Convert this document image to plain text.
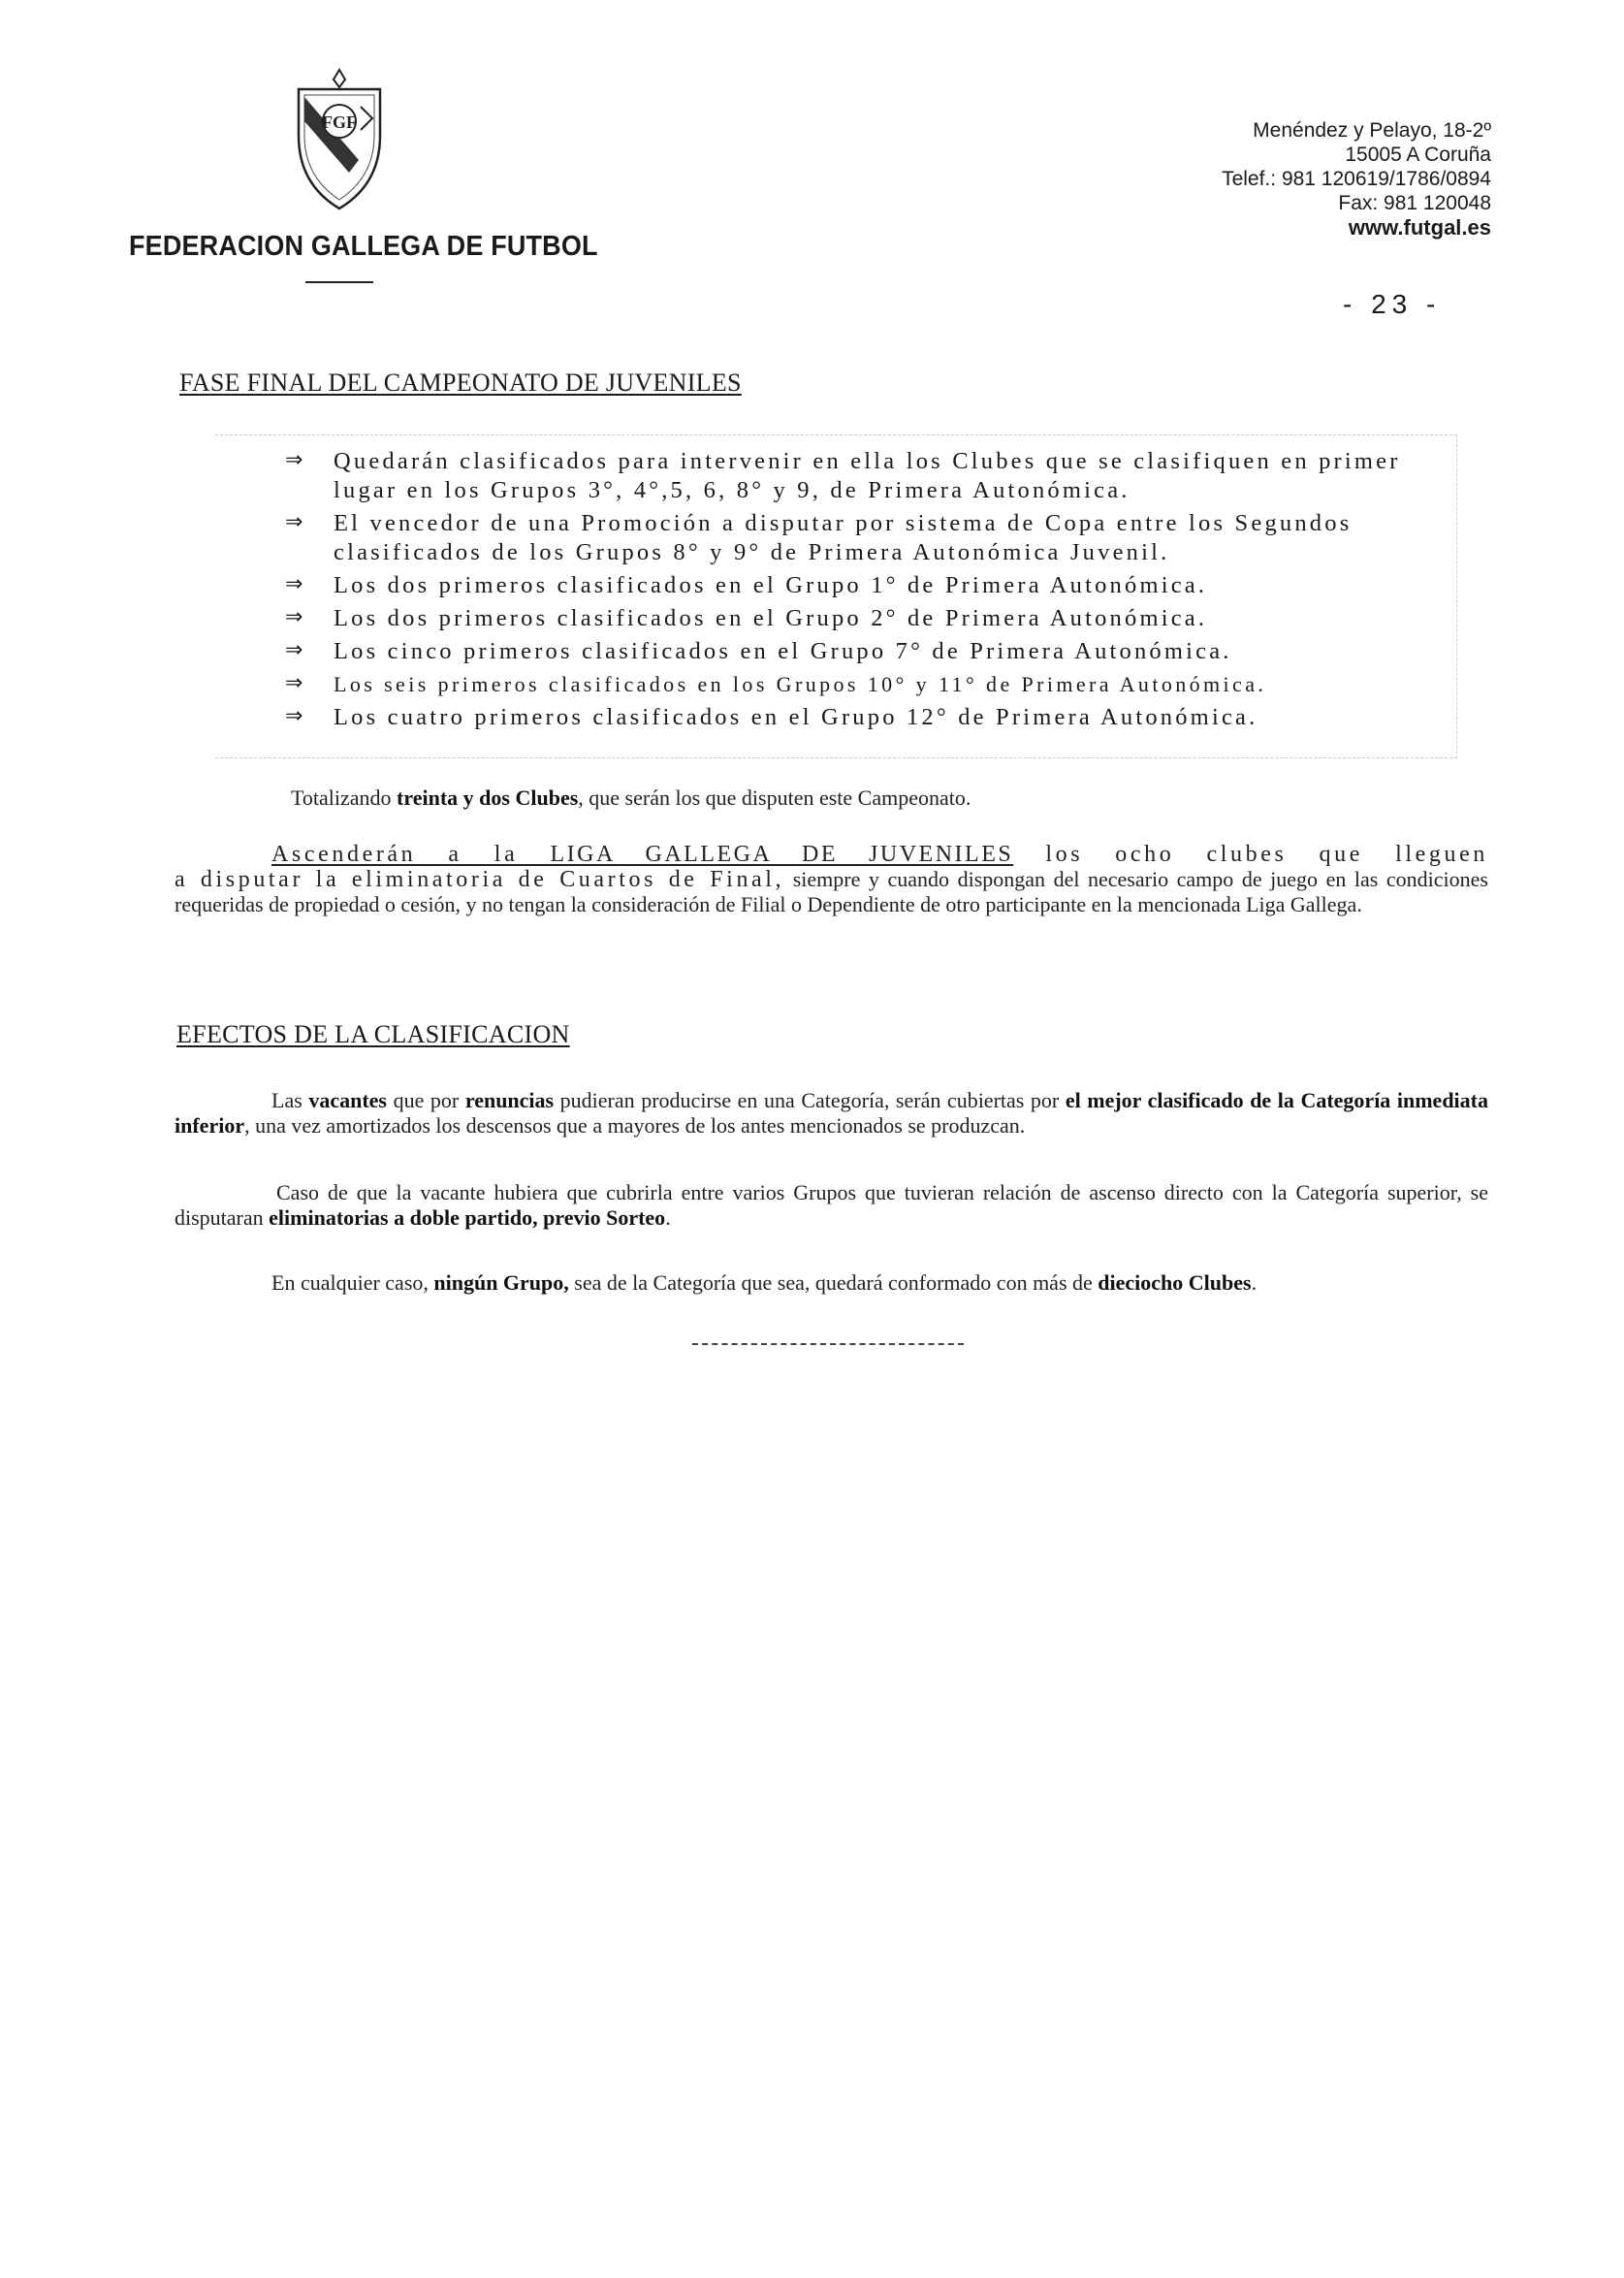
FGF
FEDERACION GALLEGA DE FUTBOL
Menéndez y Pelayo, 18-2º
15005 A Coruña
Telef.: 981 120619/1786/0894
Fax: 981 120048
www.futgal.es
- 23 -
FASE FINAL DEL CAMPEONATO DE JUVENILES
⇒ Quedarán clasificados para intervenir en ella los Clubes que se clasifiquen en primer lugar en los Grupos 3°, 4°,5, 6, 8° y 9, de Primera Autonómica.
⇒ El vencedor de una Promoción a disputar por sistema de Copa entre los Segundos clasificados de los Grupos 8° y 9° de Primera Autonómica Juvenil.
⇒ Los dos primeros clasificados en el Grupo 1° de Primera Autonómica.
⇒ Los dos primeros clasificados en el Grupo 2° de Primera Autonómica.
⇒ Los cinco primeros clasificados en el Grupo 7° de Primera Autonómica.
⇒ Los seis primeros clasificados en los Grupos 10° y 11° de Primera Autonómica.
⇒ Los cuatro primeros clasificados en el Grupo 12° de Primera Autonómica.
Totalizando treinta y dos Clubes, que serán los que disputen este Campeonato.
Ascenderán a la LIGA GALLEGA DE JUVENILES los ocho clubes que lleguen
a disputar la eliminatoria de Cuartos de Final, siempre y cuando dispongan del necesario campo de juego en las condiciones requeridas de propiedad o cesión, y no tengan la consideración de Filial o Dependiente de otro participante en la mencionada Liga Gallega.
EFECTOS DE LA CLASIFICACION
Las vacantes que por renuncias pudieran producirse en una Categoría, serán cubiertas por el mejor clasificado de la Categoría inmediata inferior, una vez amortizados los descensos que a mayores de los antes mencionados se produzcan.
Caso de que la vacante hubiera que cubrirla entre varios Grupos que tuvieran relación de ascenso directo con la Categoría superior, se disputaran eliminatorias a doble partido, previo Sorteo.
En cualquier caso, ningún Grupo, sea de la Categoría que sea, quedará conformado con más de dieciocho Clubes.
